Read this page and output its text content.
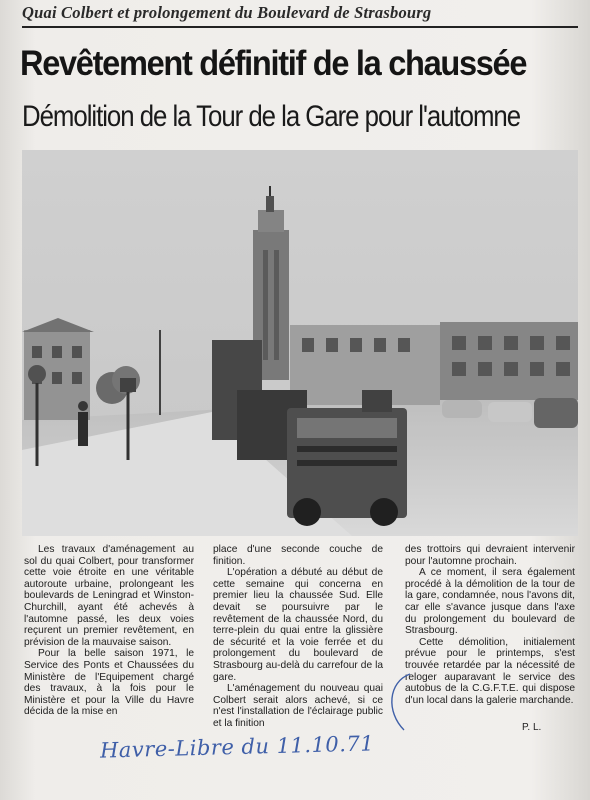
Quai Colbert et prolongement du Boulevard de Strasbourg
Revêtement définitif de la chaussée
Démolition de la Tour de la Gare pour l'automne

Les travaux d'aménagement au sol du quai Colbert, pour transformer cette voie étroite en une véritable autoroute urbaine, prolongeant les boulevards de Leningrad et Winston-Churchill, ayant été achevés à l'automne passé, les deux voies reçurent un premier revêtement, en prévision de la mauvaise saison.

Pour la belle saison 1971, le Service des Ponts et Chaussées du Ministère de l'Equipement chargé des travaux, à la fois pour le Ministère et pour la Ville du Havre décida de la mise en

place d'une seconde couche de finition.

L'opération a débuté au début de cette semaine qui concerna en premier lieu la chaussée Sud. Elle devait se poursuivre par le revêtement de la chaussée Nord, du terre-plein du quai entre la glissière de sécurité et la voie ferrée et du prolongement du boulevard de Strasbourg au-delà du carrefour de la gare.

L'aménagement du nouveau quai Colbert serait alors achevé, si ce n'est l'installation de l'éclairage public et la finition

des trottoirs qui devraient intervenir pour l'automne prochain.

A ce moment, il sera également procédé à la démolition de la tour de la gare, condamnée, nous l'avons dit, car elle s'avance jusque dans l'axe du prolongement du boulevard de Strasbourg.

Cette démolition, initialement prévue pour le printemps, s'est trouvée retardée par la nécessité de reloger auparavant le service des autobus de la C.G.F.T.E. qui dispose d'un local dans la galerie marchande.

P. L.
Havre-Libre du 11.10.71
